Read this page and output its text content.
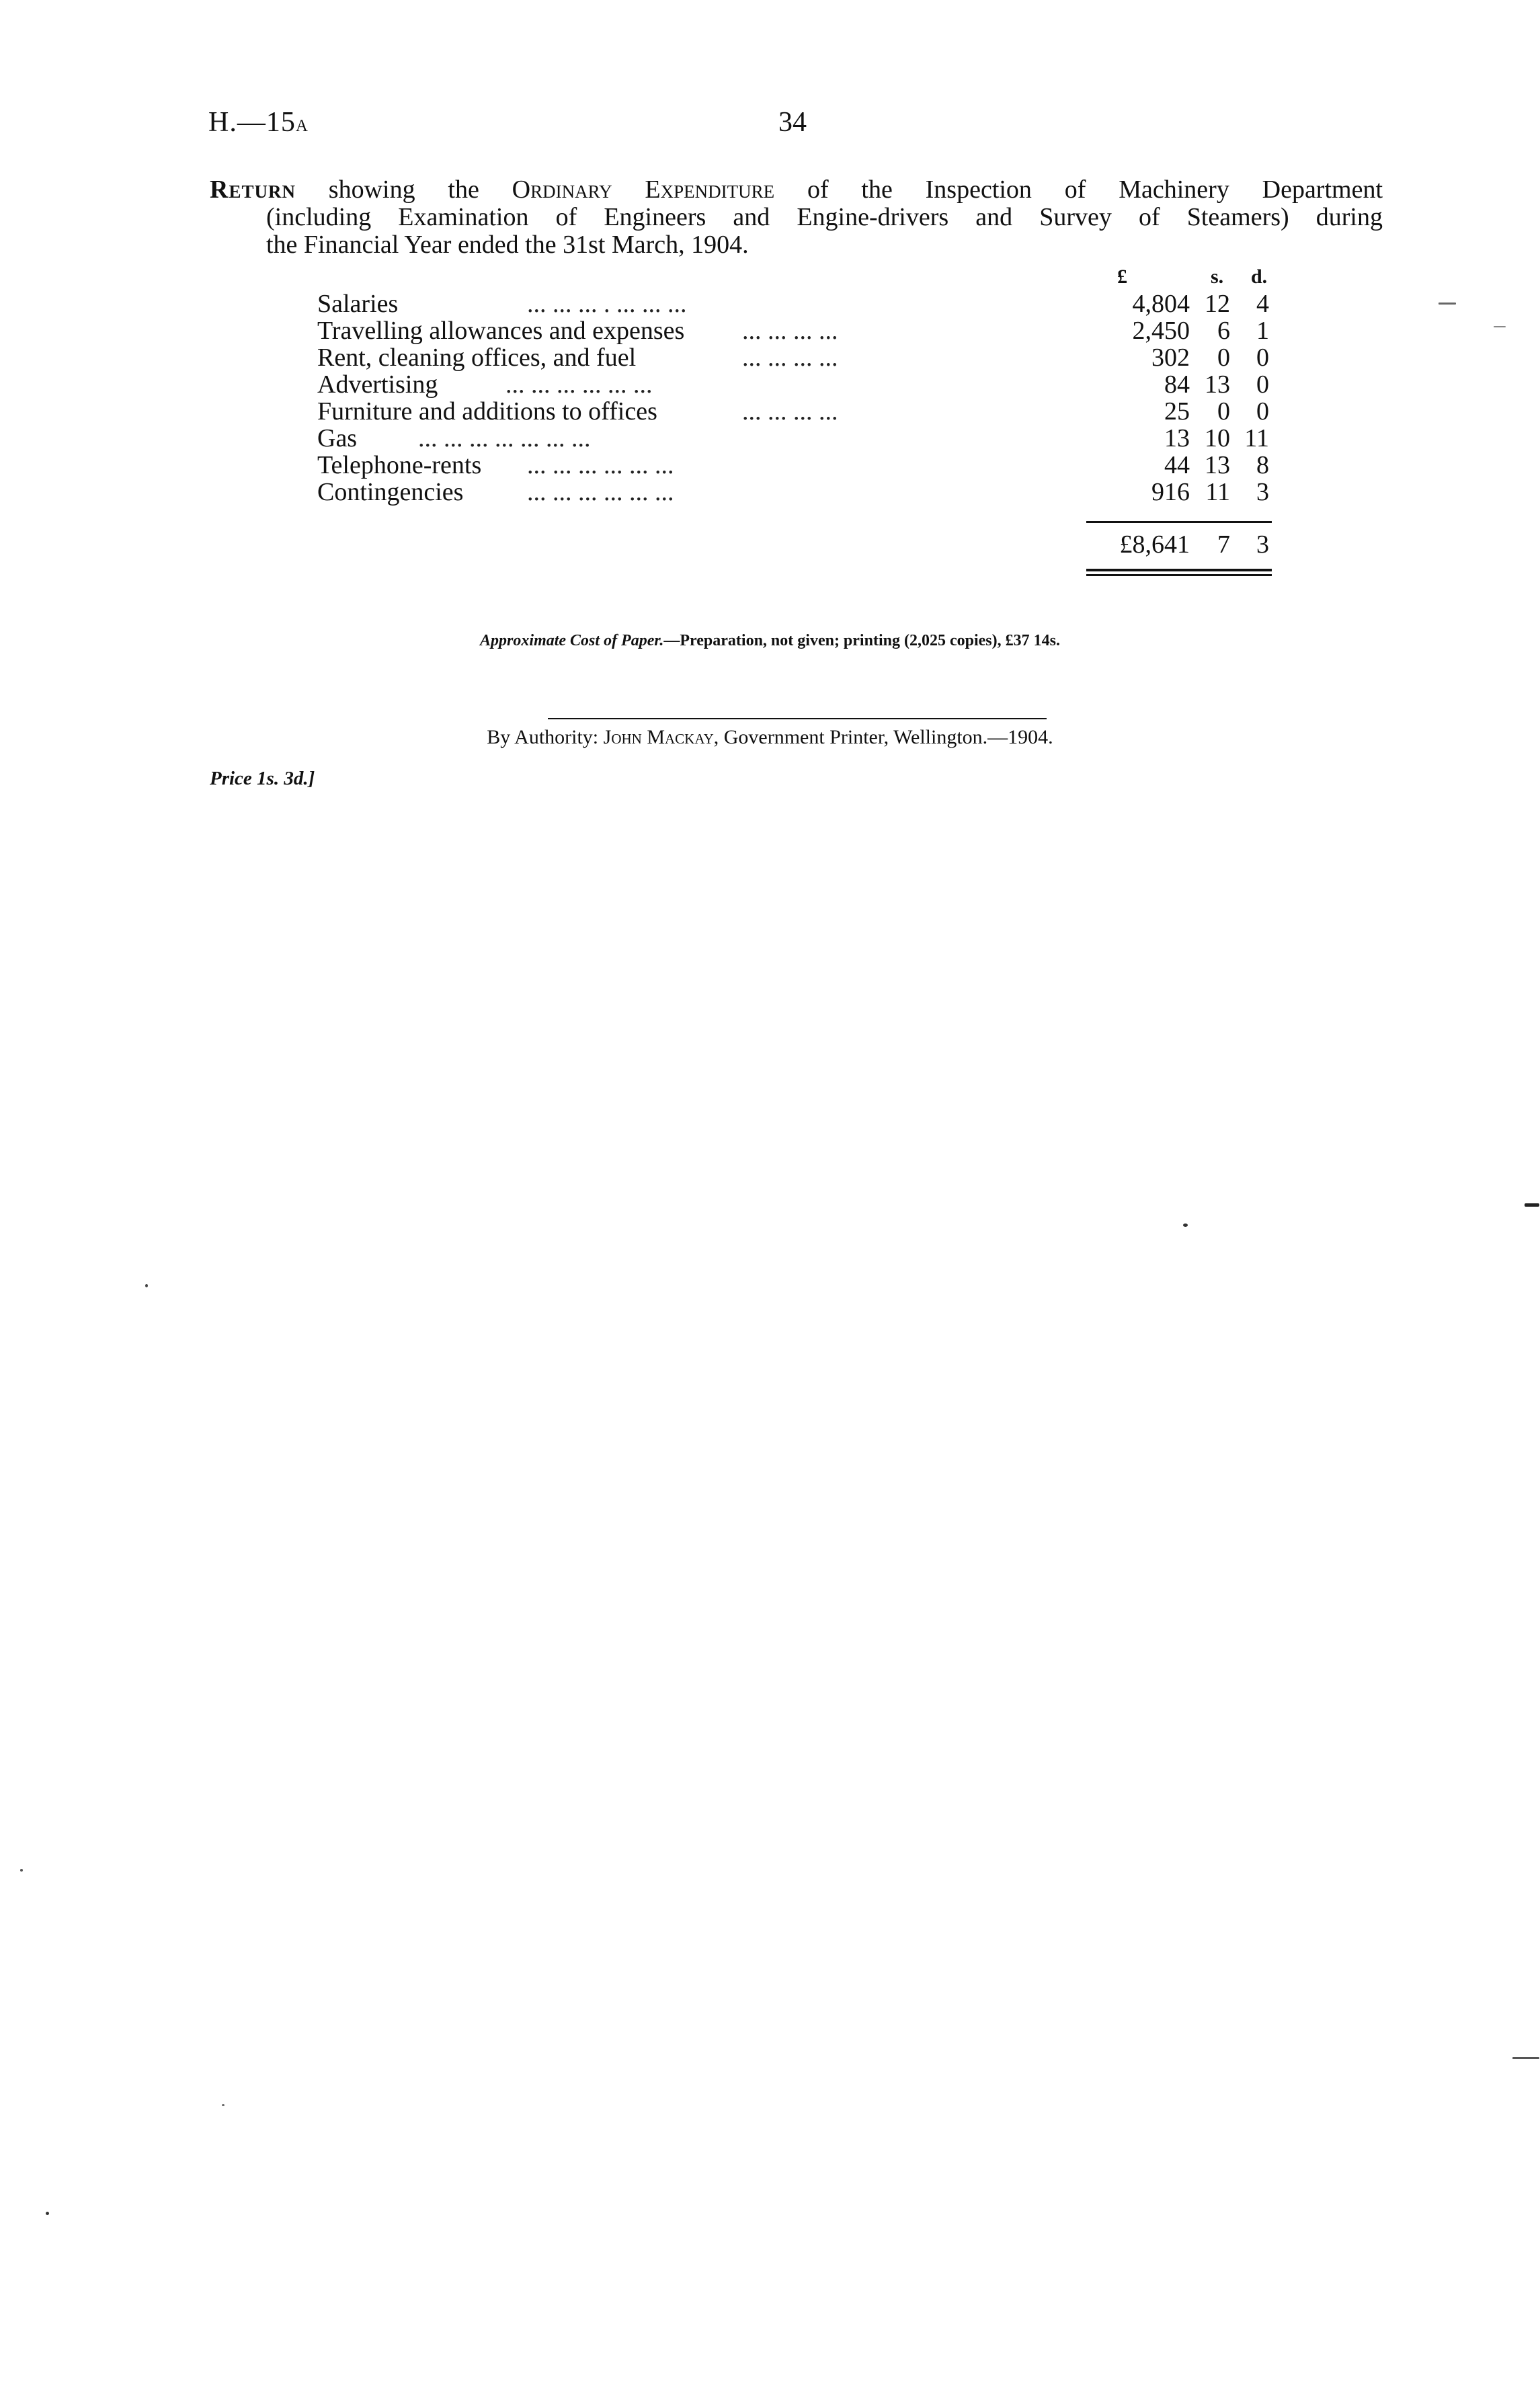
H.—15a	34
Return showing the Ordinary Expenditure of the Inspection of Machinery Department
(including Examination of Engineers and Engine-drivers and Survey of Steamers) during
the Financial Year ended the 31st March, 1904.
£	s. d.
Salaries	... ... ... . ... ... ...	4,804 12 4
Travelling allowances and expenses ... ... ... ...	2,450 6 1
Rent, cleaning offices, and fuel	... ... ... ...	302 0 0
Advertising	... ... ... ... ... ...	84 13 0
Furniture and additions to offices	... ... ... ...	25 0 0
Gas ... ... ... ... ... ... ...	13 10 11
Telephone-rents ... ... ... ... ... ...	44 13 8
Contingencies ... ... ... ... ... ...	916 11 3
£8,641 7 3
Approximate Cost of Paper.—Preparation, not given; printing (2,025 copies), £37 14s.
By Authority: John Mackay, Government Printer, Wellington.—1904.
Price 1s. 3d.]
